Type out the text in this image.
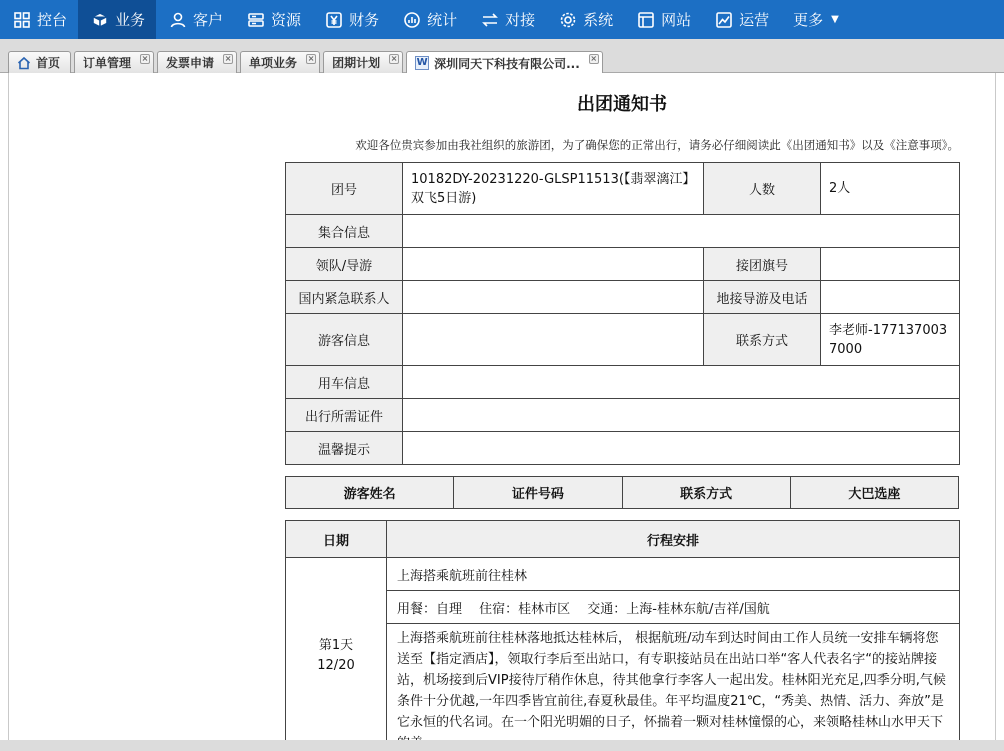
控台	业务	客户	资源	财务	统计	对接	系统	网站	运营 更多 ▼
首页 订单管理 × 发票申请 × 单项业务 × 团期计划 × W 深圳同天下科技有限公司... ×
出团通知书
欢迎各位贵宾参加由我社组织的旅游团，为了确保您的正常出行，请务必仔细阅读此《出团通知书》以及《注意事项》。
团号	10182DY-20231220-GLSP11513(【翡翠漓江】双飞5日游)	人数	2人
集合信息			
领队/导游		接团旗号	
国内紧急联系人		地接导游及电话	
游客信息		联系方式	李老师-1771370037000
用车信息			
出行所需证件			
温馨提示			
游客姓名	证件号码	联系方式	大巴选座
日期	行程安排

第1天
12/20	上海搭乘航班前往桂林
	用餐：自理　 住宿：桂林市区　 交通：上海-桂林东航/吉祥/国航
	上海搭乘航班前往桂林落地抵达桂林后， 根据航班/动车到达时间由工作人员统一安排车辆将您送至【指定酒店】，领取行李后至出站口，有专职接站员在出站口举“客人代表名字“的接站牌接站，机场接到后VIP接待厅稍作休息，待其他拿行李客人一起出发。桂林阳光充足,四季分明,气候条件十分优越,一年四季皆宜前往,春夏秋最佳。年平均温度21℃，“秀美、热情、活力、奔放”是它永恒的代名词。在一个阳光明媚的日子，怀揣着一颗对桂林憧憬的心，来领略桂林山水甲天下
